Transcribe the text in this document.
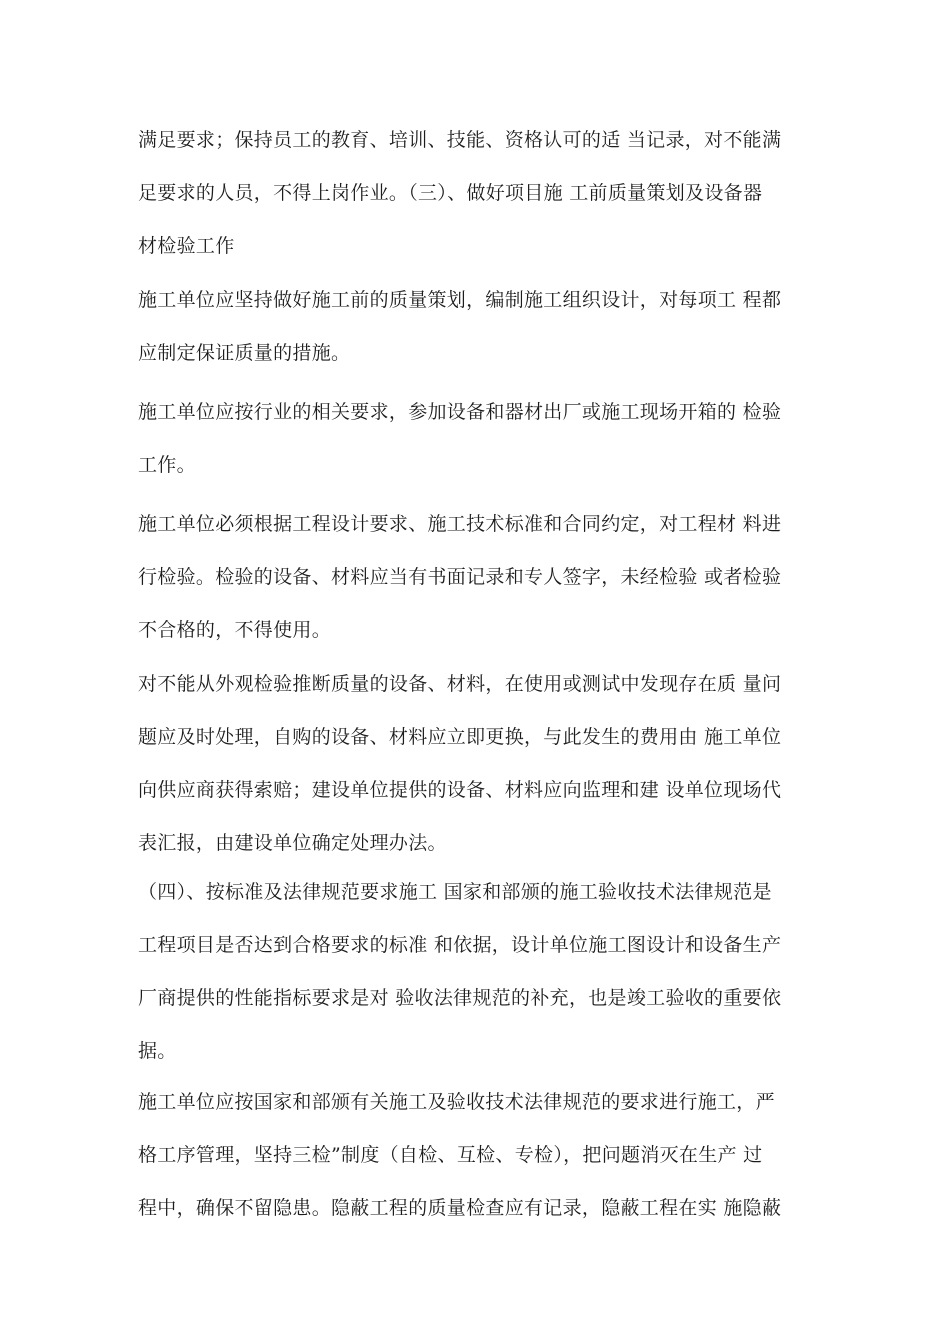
满足要求；保持员工的教育、培训、技能、资格认可的适 当记录，对不能满
足要求的人员，不得上岗作业。（三）、做好项目施 工前质量策划及设备器
材检验工作
施工单位应坚持做好施工前的质量策划，编制施工组织设计，对每项工 程都
应制定保证质量的措施。
施工单位应按行业的相关要求，参加设备和器材出厂或施工现场开箱的 检验
工作。
施工单位必须根据工程设计要求、施工技术标准和合同约定，对工程材 料进
行检验。检验的设备、材料应当有书面记录和专人签字，未经检验 或者检验
不合格的，不得使用。
对不能从外观检验推断质量的设备、材料，在使用或测试中发现存在质 量问
题应及时处理，自购的设备、材料应立即更换，与此发生的费用由 施工单位
向供应商获得索赔；建设单位提供的设备、材料应向监理和建 设单位现场代
表汇报，由建设单位确定处理办法。
（四）、按标准及法律规范要求施工 国家和部颁的施工验收技术法律规范是
工程项目是否达到合格要求的标准 和依据，设计单位施工图设计和设备生产
厂商提供的性能指标要求是对 验收法律规范的补充，也是竣工验收的重要依
据。
施工单位应按国家和部颁有关施工及验收技术法律规范的要求进行施工，严
格工序管理，坚持三检”制度（自检、互检、专检），把问题消灭在生产 过
程中，确保不留隐患。隐蔽工程的质量检查应有记录，隐蔽工程在实 施隐蔽
